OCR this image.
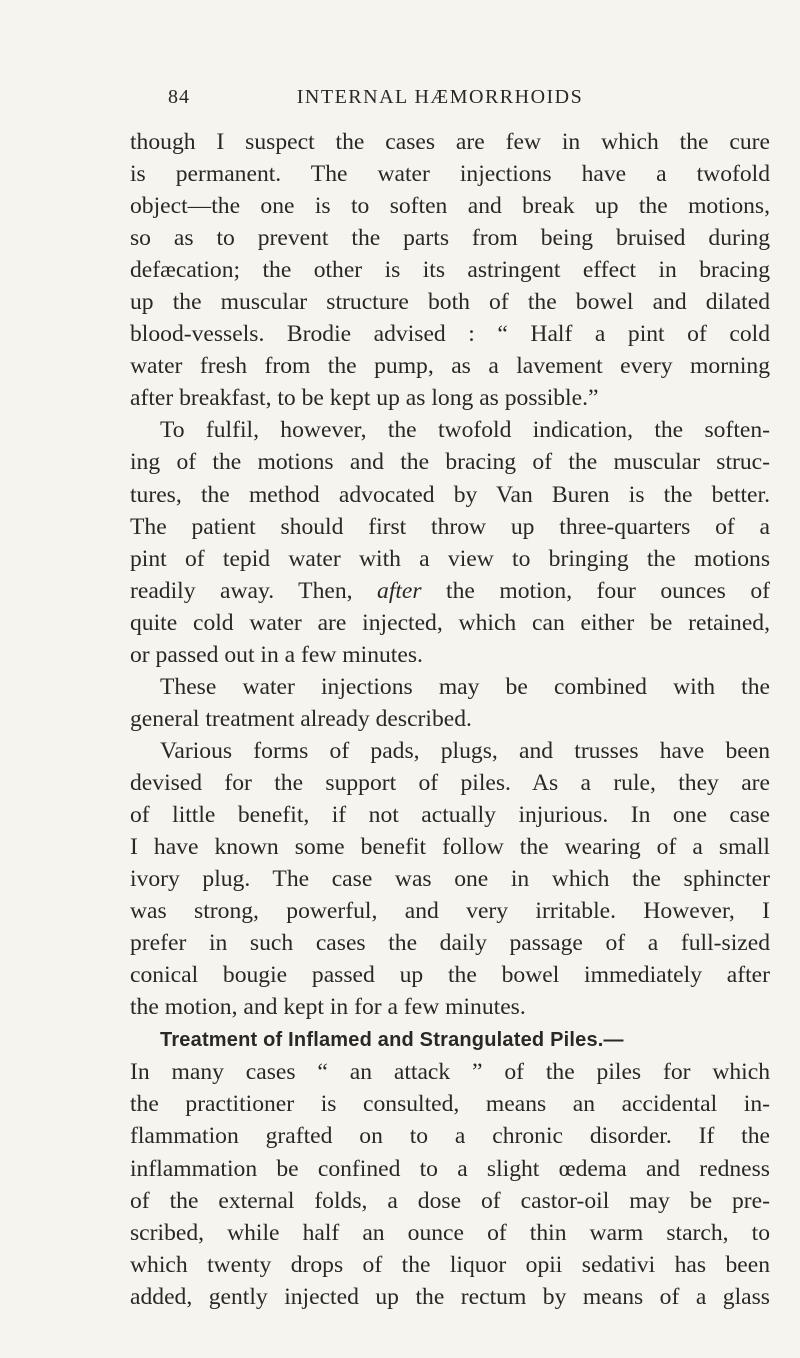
84	INTERNAL HÆMORRHOIDS

though I suspect the cases are few in which the cure

is permanent. The water injections have a twofold

object—the one is to soften and break up the motions,

so as to prevent the parts from being bruised during

defæcation; the other is its astringent effect in bracing

up the muscular structure both of the bowel and dilated

blood-vessels. Brodie advised : “ Half a pint of cold

water fresh from the pump, as a lavement every morning

after breakfast, to be kept up as long as possible.”

To fulfil, however, the twofold indication, the soften-

ing of the motions and the bracing of the muscular struc-

tures, the method advocated by Van Buren is the better.

The patient should first throw up three-quarters of a

pint of tepid water with a view to bringing the motions

readily away. Then, after the motion, four ounces of

quite cold water are injected, which can either be retained,

or passed out in a few minutes.

These water injections may be combined with the

general treatment already described.

Various forms of pads, plugs, and trusses have been

devised for the support of piles. As a rule, they are

of little benefit, if not actually injurious. In one case

I have known some benefit follow the wearing of a small

ivory plug. The case was one in which the sphincter

was strong, powerful, and very irritable. However, I

prefer in such cases the daily passage of a full-sized

conical bougie passed up the bowel immediately after

the motion, and kept in for a few minutes.

Treatment of Inflamed and Strangulated Piles.—

In many cases “ an attack ” of the piles for which

the practitioner is consulted, means an accidental in-

flammation grafted on to a chronic disorder. If the

inflammation be confined to a slight œdema and redness

of the external folds, a dose of castor-oil may be pre-

scribed, while half an ounce of thin warm starch, to

which twenty drops of the liquor opii sedativi has been

added, gently injected up the rectum by means of a glass
